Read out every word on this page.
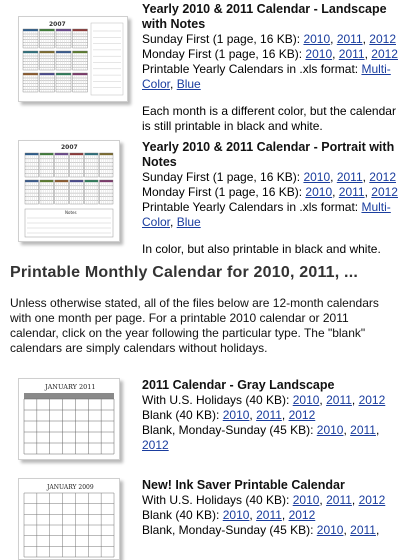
2007
Yearly 2010 & 2011 Calendar - Landscape with Notes
Sunday First (1 page, 16 KB): 2010, 2011, 2012
Monday First (1 page, 16 KB): 2010, 2011, 2012
Printable Yearly Calendars in .xls format: Multi-Color, Blue
Each month is a different color, but the calendar is still printable in black and white.
2007
Notes
Yearly 2010 & 2011 Calendar - Portrait with Notes
Sunday First (1 page, 16 KB): 2010, 2011, 2012
Monday First (1 page, 16 KB): 2010, 2011, 2012
Printable Yearly Calendars in .xls format: Multi-Color, Blue
In color, but also printable in black and white.
Printable Monthly Calendar for 2010, 2011, ...

Unless otherwise stated, all of the files below are 12-month calendars with one month per page. For a printable 2010 calendar or 2011 calendar, click on the year following the particular type. The "blank" calendars are simply calendars without holidays.

JANUARY 2011	2011 Calendar - Gray Landscape
With U.S. Holidays (40 KB): 2010, 2011, 2012
Blank (40 KB): 2010, 2011, 2012
Blank, Monday-Sunday (45 KB): 2010, 2011, 2012
JANUARY 2009	New! Ink Saver Printable Calendar
With U.S. Holidays (40 KB): 2010, 2011, 2012
Blank (40 KB): 2010, 2011, 2012
Blank, Monday-Sunday (45 KB): 2010, 2011,
